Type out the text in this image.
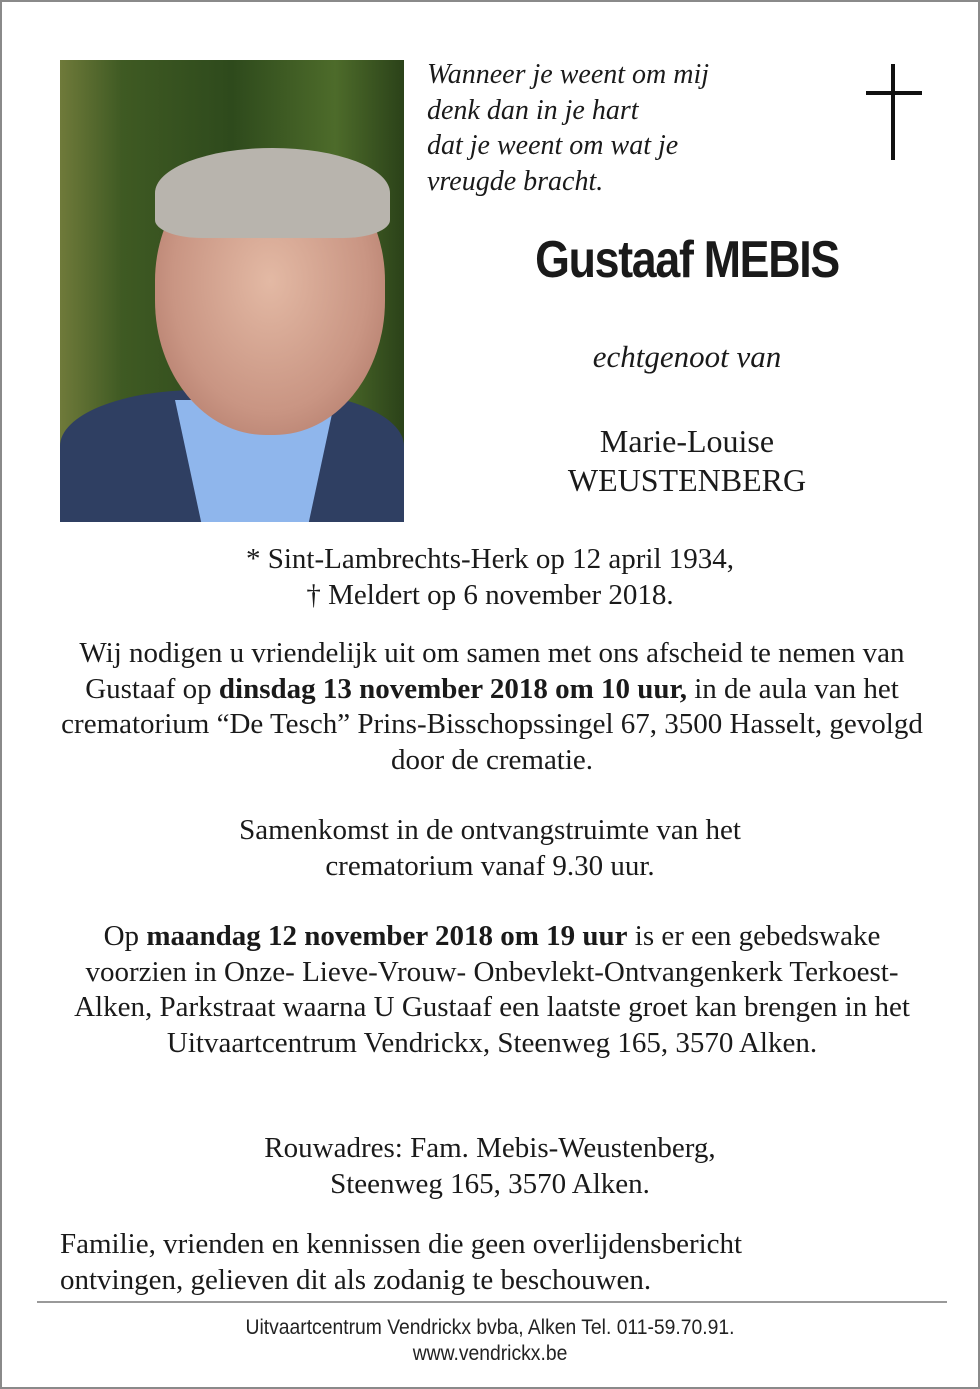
Wanneer je weent om mij
denk dan in je hart
dat je weent om wat je
vreugde bracht.
Gustaaf MEBIS
echtgenoot van
Marie-Louise
WEUSTENBERG
* Sint-Lambrechts-Herk op 12 april 1934,
† Meldert op 6 november 2018.
Wij nodigen u vriendelijk uit om samen met ons afscheid te nemen van Gustaaf op dinsdag 13 november 2018 om 10 uur, in de aula van het crematorium “De Tesch” Prins-Bisschopssingel 67, 3500 Hasselt, gevolgd door de crematie.
Samenkomst in de ontvangstruimte van het
crematorium vanaf 9.30 uur.
Op maandag 12 november 2018 om 19 uur is er een gebedswake voorzien in Onze- Lieve-Vrouw- Onbevlekt-Ontvangenkerk Terkoest-Alken, Parkstraat waarna U Gustaaf een laatste groet kan brengen in het Uitvaartcentrum Vendrickx, Steenweg 165, 3570 Alken.
Rouwadres: Fam. Mebis-Weustenberg,
Steenweg 165, 3570 Alken.
Familie, vrienden en kennissen die geen overlijdensbericht
ontvingen, gelieven dit als zodanig te beschouwen.
Uitvaartcentrum Vendrickx bvba, Alken Tel. 011-59.70.91.
www.vendrickx.be
